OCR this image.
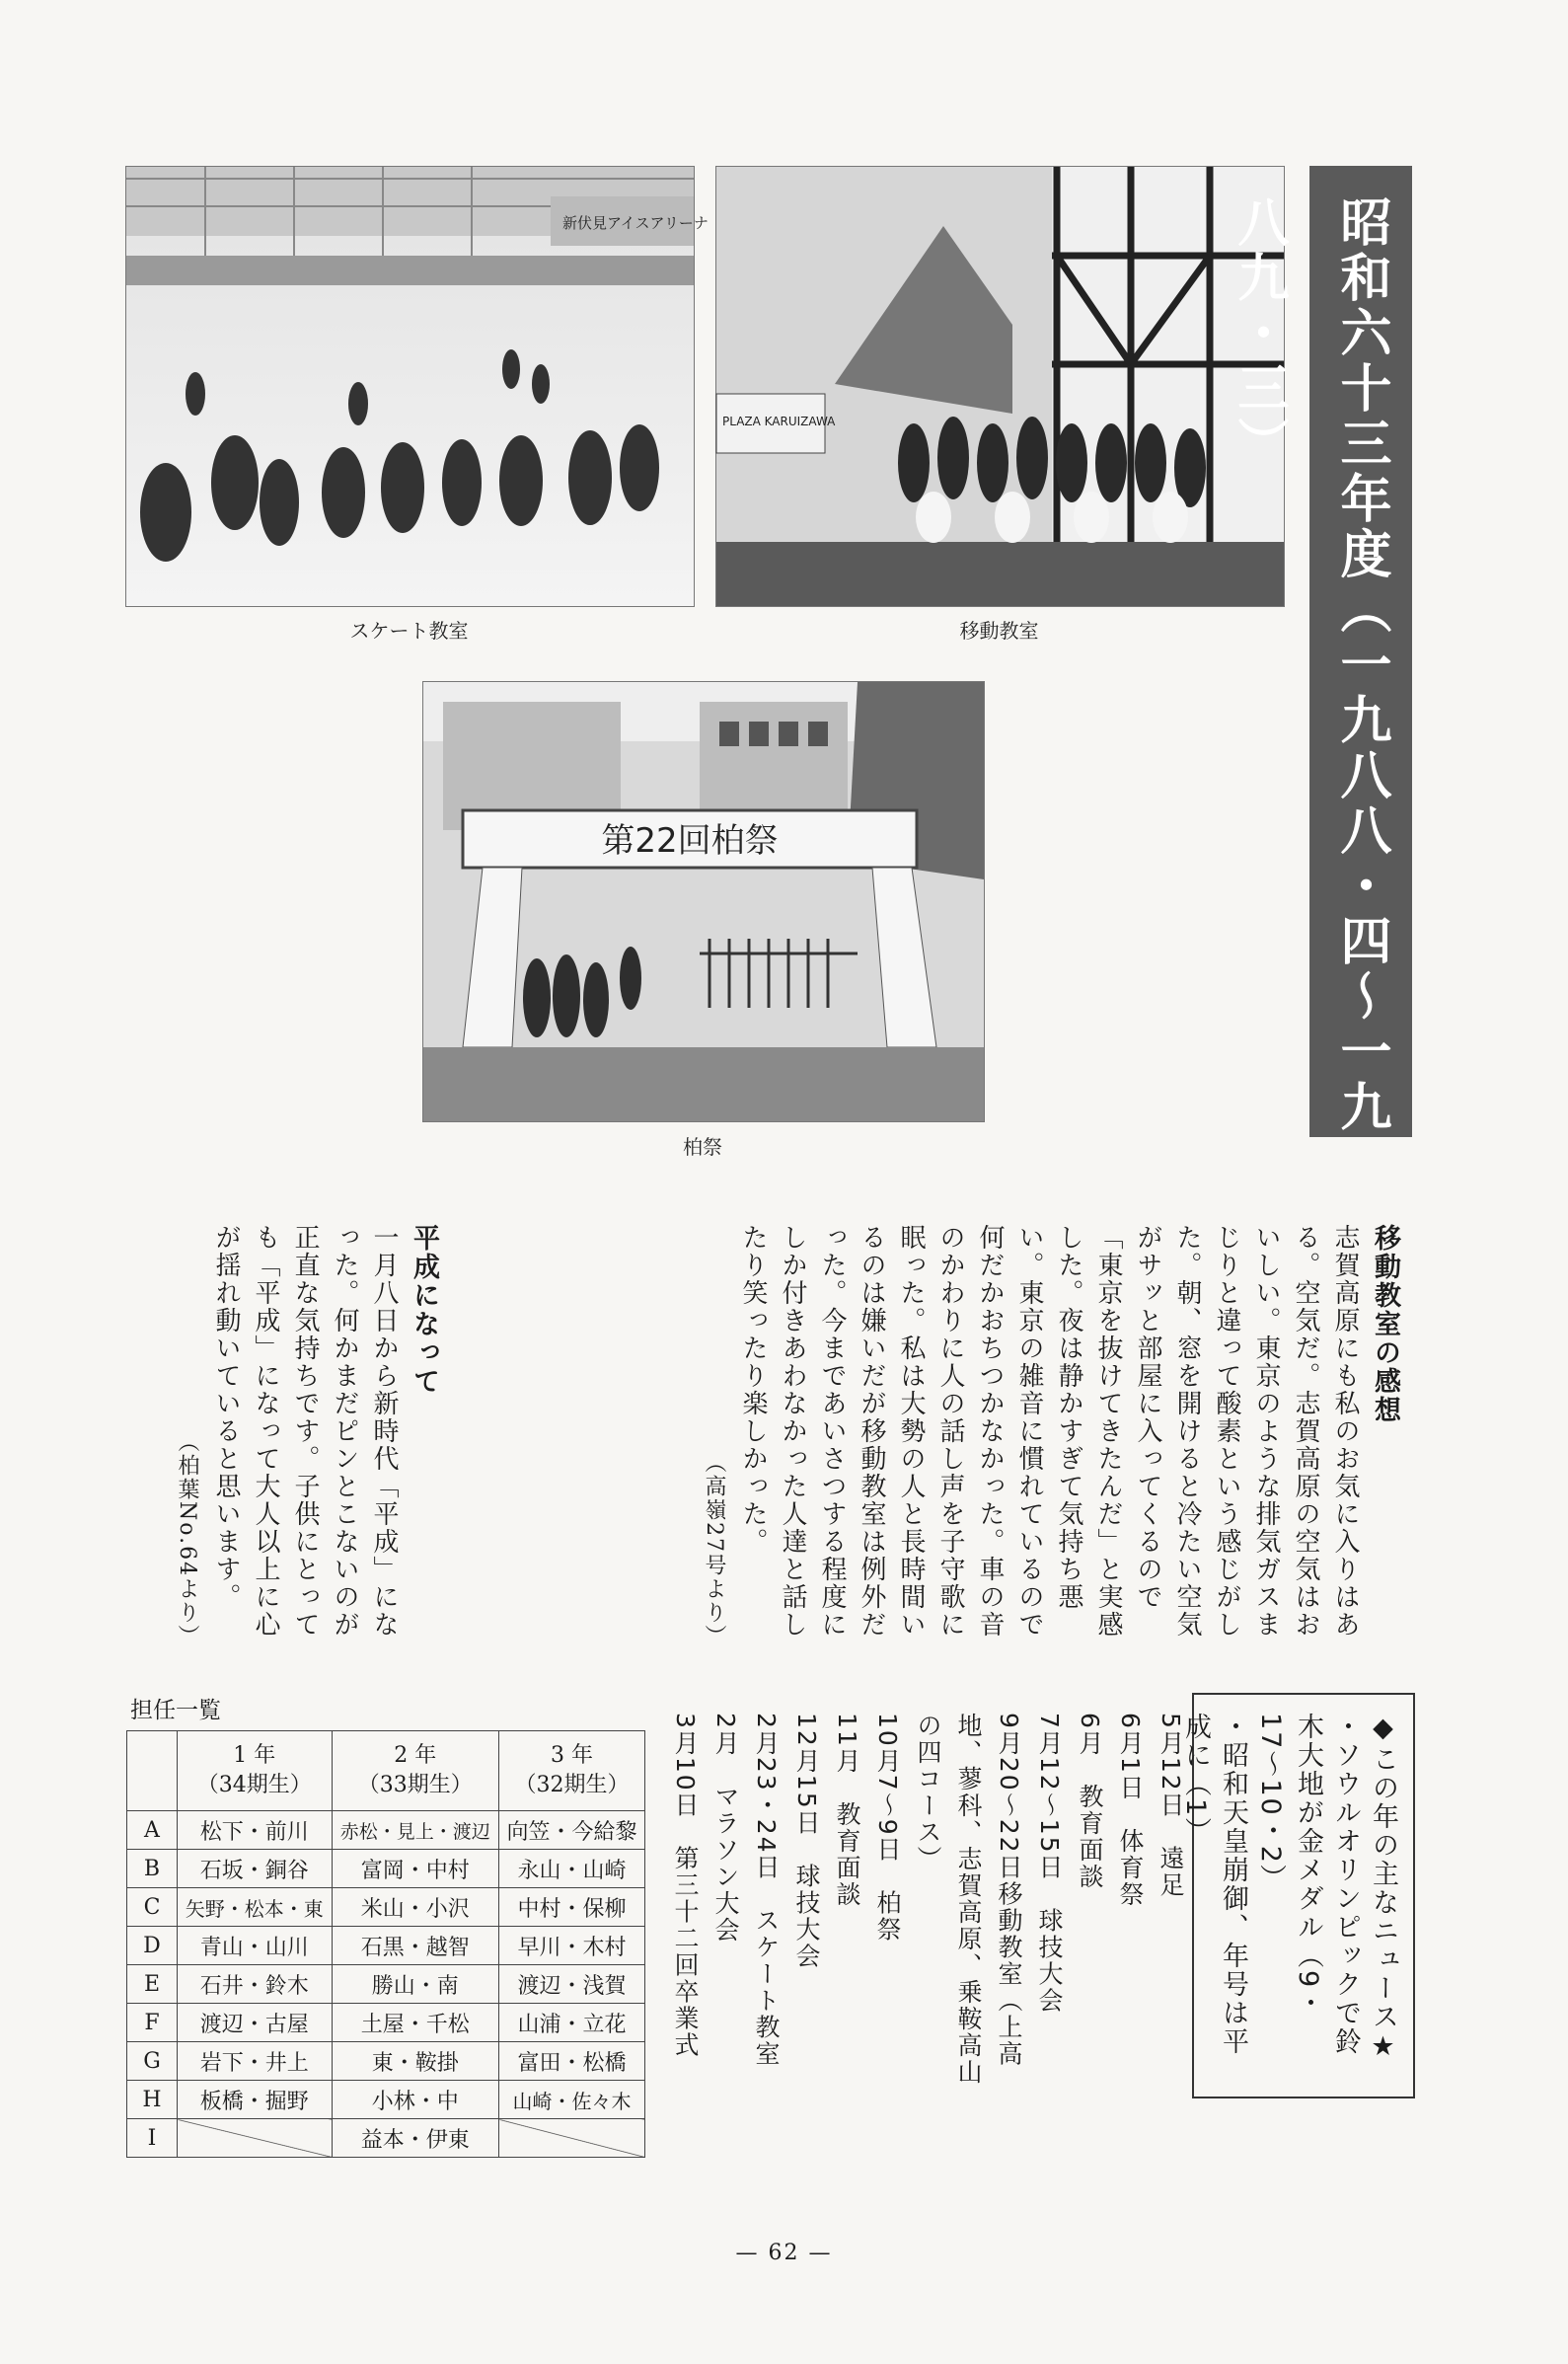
新伏見アイスアリーナ
スケート教室
PLAZA KARUIZAWA
移動教室
第22回柏祭
柏祭
昭和六十三年度（一九八八・四〜一九八九・三）
移動教室の感想
志賀高原にも私のお気に入りはある。空気だ。志賀高原の空気はおいしい。東京のような排気ガスまじりと違って酸素という感じがした。朝、窓を開けると冷たい空気がサッと部屋に入ってくるので「東京を抜けてきたんだ」と実感した。夜は静かすぎて気持ち悪い。東京の雑音に慣れているので何だかおちつかなかった。車の音のかわりに人の話し声を子守歌に眠った。私は大勢の人と長時間いるのは嫌いだが移動教室は例外だった。今まであいさつする程度にしか付きあわなかった人達と話したり笑ったり楽しかった。

（高嶺27号より）
平成になって
一月八日から新時代「平成」になった。何かまだピンとこないのが正直な気持ちです。子供にとっても「平成」になって大人以上に心が揺れ動いていると思います。

（柏葉No.64より）
◆この年の主なニュース★
・ソウルオリンピックで鈴木大地が金メダル（9・17〜10・2）
・昭和天皇崩御、年号は平成に（1）
5月12日　遠足
6月1日　体育祭
6月　教育面談
7月12〜15日　球技大会
9月20〜22日移動教室（上高地、蓼科、志賀高原、乗鞍高山の四コース）
10月7〜9日　柏祭
11月　教育面談
12月15日　球技大会
2月23・24日　スケート教室
2月　マラソン大会
3月10日　第三十二回卒業式
担任一覧
	1 年
（34期生）	2 年
（33期生）	3 年
（32期生）
A	松下・前川	赤松・見上・渡辺	向笠・今給黎
B	石坂・銅谷	富岡・中村	永山・山崎
C	矢野・松本・東	米山・小沢	中村・保柳
D	青山・山川	石黒・越智	早川・木村
E	石井・鈴木	勝山・南	渡辺・浅賀
F	渡辺・古屋	土屋・千松	山浦・立花
G	岩下・井上	東・鞍掛	富田・松橋
H	板橋・掘野	小林・中	山崎・佐々木
I		益本・伊東	
— 62 —
